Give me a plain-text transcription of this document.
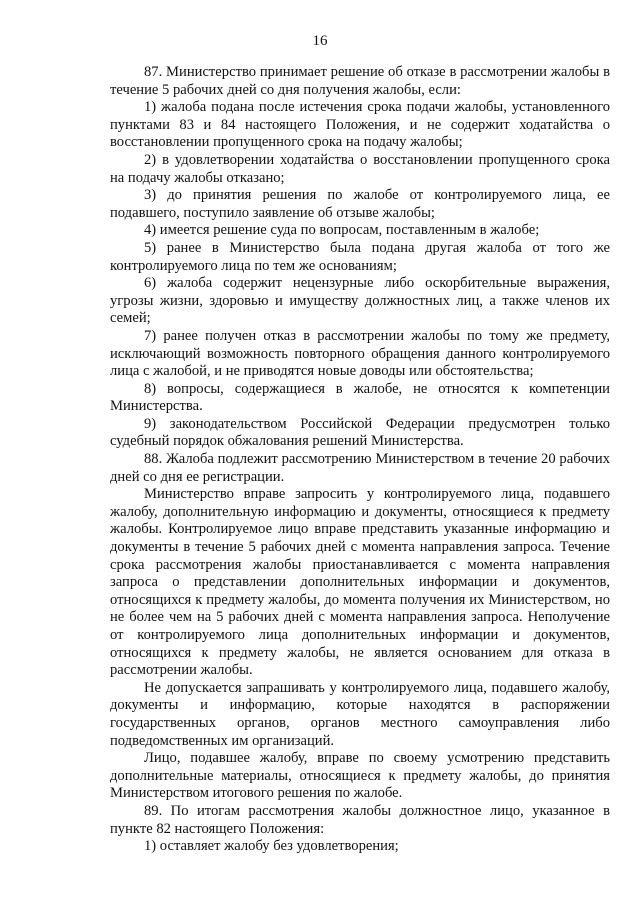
16

87. Министерство принимает решение об отказе в рассмотрении жалобы в течение 5 рабочих дней со дня получения жалобы, если:

1) жалоба подана после истечения срока подачи жалобы, установленного пунктами 83 и 84 настоящего Положения, и не содержит ходатайства о восстановлении пропущенного срока на подачу жалобы;

2) в удовлетворении ходатайства о восстановлении пропущенного срока на подачу жалобы отказано;

3) до принятия решения по жалобе от контролируемого лица, ее подавшего, поступило заявление об отзыве жалобы;

4) имеется решение суда по вопросам, поставленным в жалобе;

5) ранее в Министерство была подана другая жалоба от того же контролируемого лица по тем же основаниям;

6) жалоба содержит нецензурные либо оскорбительные выражения, угрозы жизни, здоровью и имуществу должностных лиц, а также членов их семей;

7) ранее получен отказ в рассмотрении жалобы по тому же предмету, исключающий возможность повторного обращения данного контролируемого лица с жалобой, и не приводятся новые доводы или обстоятельства;

8) вопросы, содержащиеся в жалобе, не относятся к компетенции Министерства.

9) законодательством Российской Федерации предусмотрен только судебный порядок обжалования решений Министерства.

88. Жалоба подлежит рассмотрению Министерством в течение 20 рабочих дней со дня ее регистрации.

Министерство вправе запросить у контролируемого лица, подавшего жалобу, дополнительную информацию и документы, относящиеся к предмету жалобы. Контролируемое лицо вправе представить указанные информацию и документы в течение 5 рабочих дней с момента направления запроса. Течение срока рассмотрения жалобы приостанавливается с момента направления запроса о представлении дополнительных информации и документов, относящихся к предмету жалобы, до момента получения их Министерством, но не более чем на 5 рабочих дней с момента направления запроса. Неполучение от контролируемого лица дополнительных информации и документов, относящихся к предмету жалобы, не является основанием для отказа в рассмотрении жалобы.

Не допускается запрашивать у контролируемого лица, подавшего жалобу, документы и информацию, которые находятся в распоряжении государственных органов, органов местного самоуправления либо подведомственных им организаций.

Лицо, подавшее жалобу, вправе по своему усмотрению представить дополнительные материалы, относящиеся к предмету жалобы, до принятия Министерством итогового решения по жалобе.

89. По итогам рассмотрения жалобы должностное лицо, указанное в пункте 82 настоящего Положения:

1) оставляет жалобу без удовлетворения;
